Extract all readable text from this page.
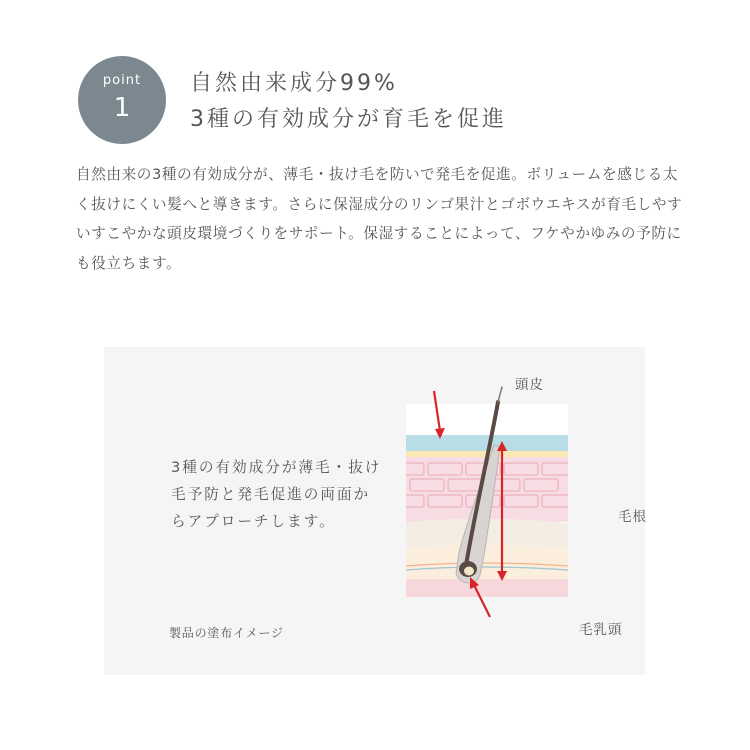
point
1
自然由来成分99%
3種の有効成分が育毛を促進

自然由来の3種の有効成分が、薄毛・抜け毛を防いで発毛を促進。ボリュームを感じる太く抜けにくい髪へと導きます。さらに保湿成分のリンゴ果汁とゴボウエキスが育毛しやすいすこやかな頭皮環境づくりをサポート。保湿することによって、フケやかゆみの予防にも役立ちます。

3種の有効成分が薄毛・抜け毛予防と発毛促進の両面からアプローチします。

製品の塗布イメージ
頭皮
毛根
毛乳頭
